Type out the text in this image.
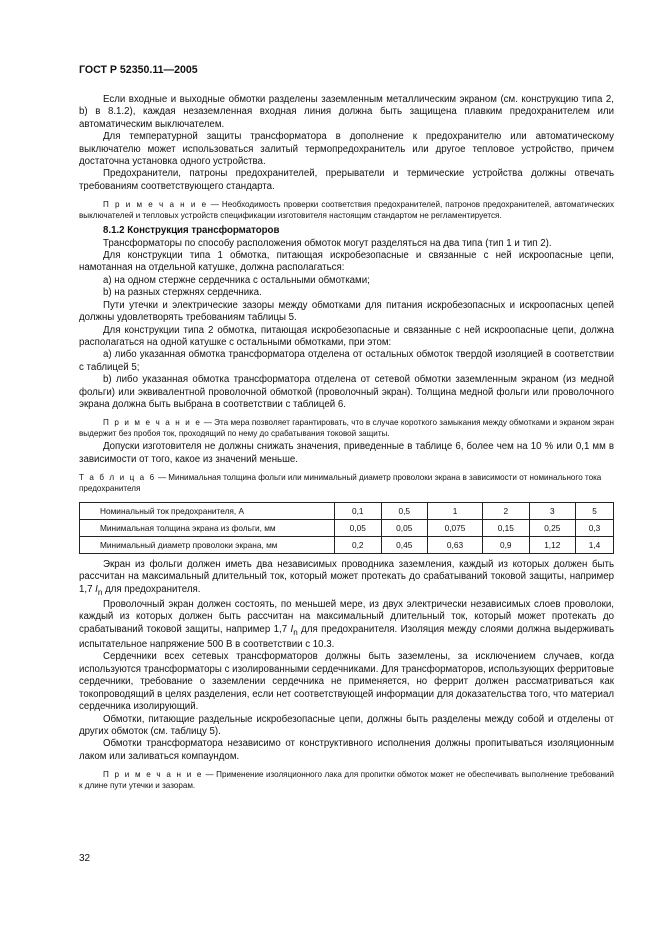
ГОСТ Р 52350.11—2005

Если входные и выходные обмотки разделены заземленным металлическим экраном (см. конструкцию типа 2, b) в 8.1.2), каждая незаземленная входная линия должна быть защищена плавким предохранителем или автоматическим выключателем.

Для температурной защиты трансформатора в дополнение к предохранителю или автоматическому выключателю может использоваться залитый термопредохранитель или другое тепловое устройство, причем достаточна установка одного устройства.

Предохранители, патроны предохранителей, прерыватели и термические устройства должны отвечать требованиям соответствующего стандарта.

П р и м е ч а н и е — Необходимость проверки соответствия предохранителей, патронов предохранителей, автоматических выключателей и тепловых устройств спецификации изготовителя настоящим стандартом не регламентируется.

8.1.2 Конструкция трансформаторов

Трансформаторы по способу расположения обмоток могут разделяться на два типа (тип 1 и тип 2).

Для конструкции типа 1 обмотка, питающая искробезопасные и связанные с ней искроопасные цепи, намотанная на отдельной катушке, должна располагаться:

a) на одном стержне сердечника с остальными обмотками;

b) на разных стержнях сердечника.

Пути утечки и электрические зазоры между обмотками для питания искробезопасных и искроопасных цепей должны удовлетворять требованиям таблицы 5.

Для конструкции типа 2 обмотка, питающая искробезопасные и связанные с ней искроопасные цепи, должна располагаться на одной катушке с остальными обмотками, при этом:

a) либо указанная обмотка трансформатора отделена от остальных обмоток твердой изоляцией в соответствии с таблицей 5;

b) либо указанная обмотка трансформатора отделена от сетевой обмотки заземленным экраном (из медной фольги) или эквивалентной проволочной обмоткой (проволочный экран). Толщина медной фольги или проволочного экрана должна быть выбрана в соответствии с таблицей 6.

П р и м е ч а н и е — Эта мера позволяет гарантировать, что в случае короткого замыкания между обмотками и экраном экран выдержит без пробоя ток, проходящий по нему до срабатывания токовой защиты.

Допуски изготовителя не должны снижать значения, приведенные в таблице 6, более чем на 10 % или 0,1 мм в зависимости от того, какое из значений меньше.

Т а б л и ц а 6 — Минимальная толщина фольги или минимальный диаметр проволоки экрана в зависимости от номинального тока предохранителя

Номинальный ток предохранителя, А	0,1	0,5	1	2	3	5
Минимальная толщина экрана из фольги, мм	0,05	0,05	0,075	0,15	0,25	0,3
Минимальный диаметр проволоки экрана, мм	0,2	0,45	0,63	0,9	1,12	1,4

Экран из фольги должен иметь два независимых проводника заземления, каждый из которых должен быть рассчитан на максимальный длительный ток, который может протекать до срабатываний токовой защиты, например 1,7 $I_n$ для предохранителя.

Проволочный экран должен состоять, по меньшей мере, из двух электрически независимых слоев проволоки, каждый из которых должен быть рассчитан на максимальный длительный ток, который может протекать до срабатываний токовой защиты, например 1,7 $I_n$ для предохранителя. Изоляция между слоями должна выдерживать испытательное напряжение 500 В в соответствии с 10.3.

Сердечники всех сетевых трансформаторов должны быть заземлены, за исключением случаев, когда используются трансформаторы с изолированными сердечниками. Для трансформаторов, использующих ферритовые сердечники, требование о заземлении сердечника не применяется, но феррит должен рассматриваться как токопроводящий в целях разделения, если нет соответствующей информации для доказательства того, что материал сердечника изолирующий.

Обмотки, питающие раздельные искробезопасные цепи, должны быть разделены между собой и отделены от других обмоток (см. таблицу 5).

Обмотки трансформатора независимо от конструктивного исполнения должны пропитываться изоляционным лаком или заливаться компаундом.

П р и м е ч а н и е — Применение изоляционного лака для пропитки обмоток может не обеспечивать выполнение требований к длине пути утечки и зазорам.

32
